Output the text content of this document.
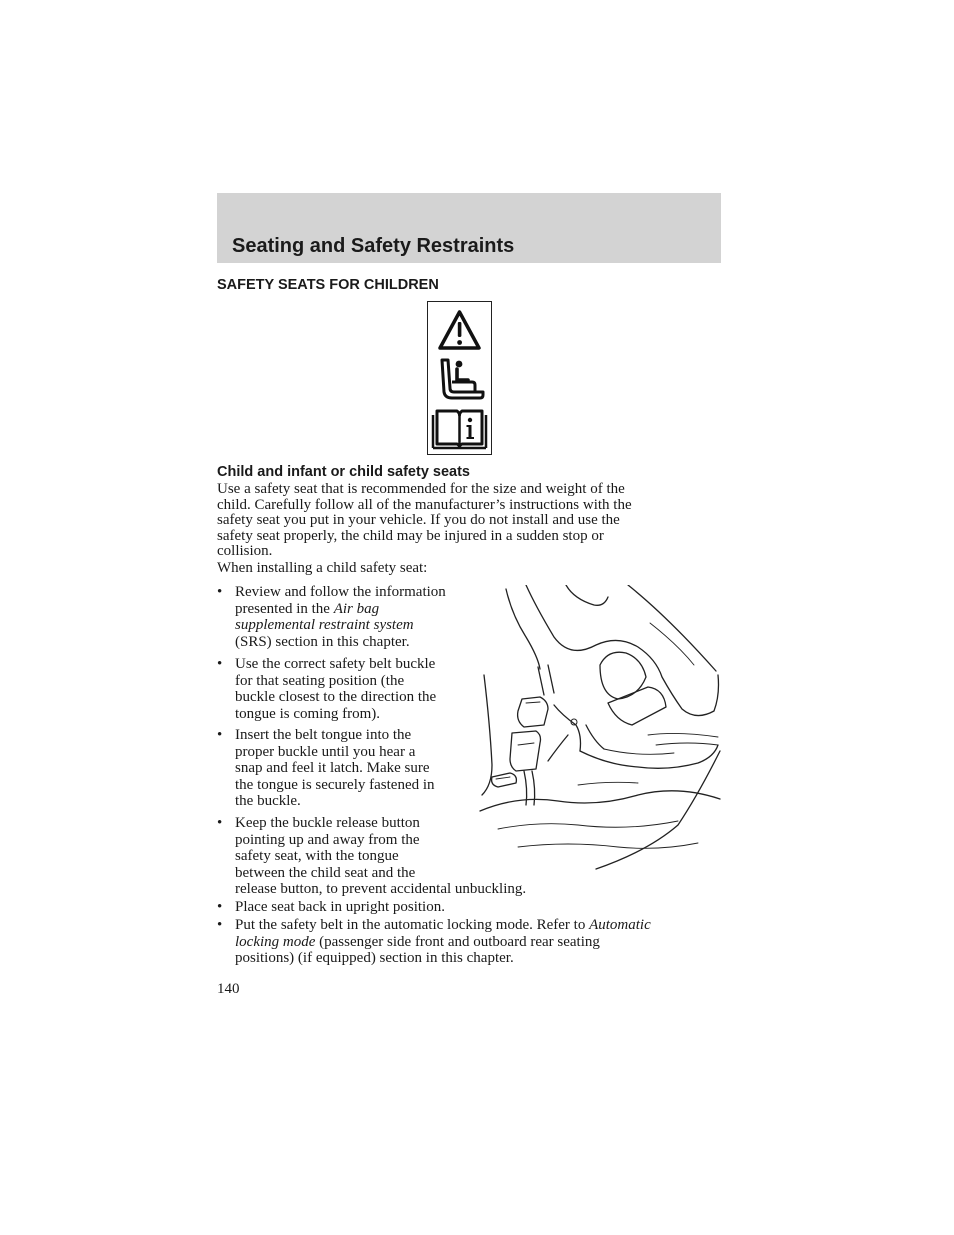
Seating and Safety Restraints
SAFETY SEATS FOR CHILDREN
Child and infant or child safety seats
Use a safety seat that is recommended for the size and weight of the
child. Carefully follow all of the manufacturer’s instructions with the
safety seat you put in your vehicle. If you do not install and use the
safety seat properly, the child may be injured in a sudden stop or
collision.
When installing a child safety seat:
• Review and follow the information
presented in the Air bag
supplemental restraint system
(SRS) section in this chapter.
• Use the correct safety belt buckle
for that seating position (the
buckle closest to the direction the
tongue is coming from).
• Insert the belt tongue into the
proper buckle until you hear a
snap and feel it latch. Make sure
the tongue is securely fastened in
the buckle.
• Keep the buckle release button
pointing up and away from the
safety seat, with the tongue
between the child seat and the
release button, to prevent accidental unbuckling.
• Place seat back in upright position.
• Put the safety belt in the automatic locking mode. Refer to Automatic
locking mode (passenger side front and outboard rear seating
positions) (if equipped) section in this chapter.
140
